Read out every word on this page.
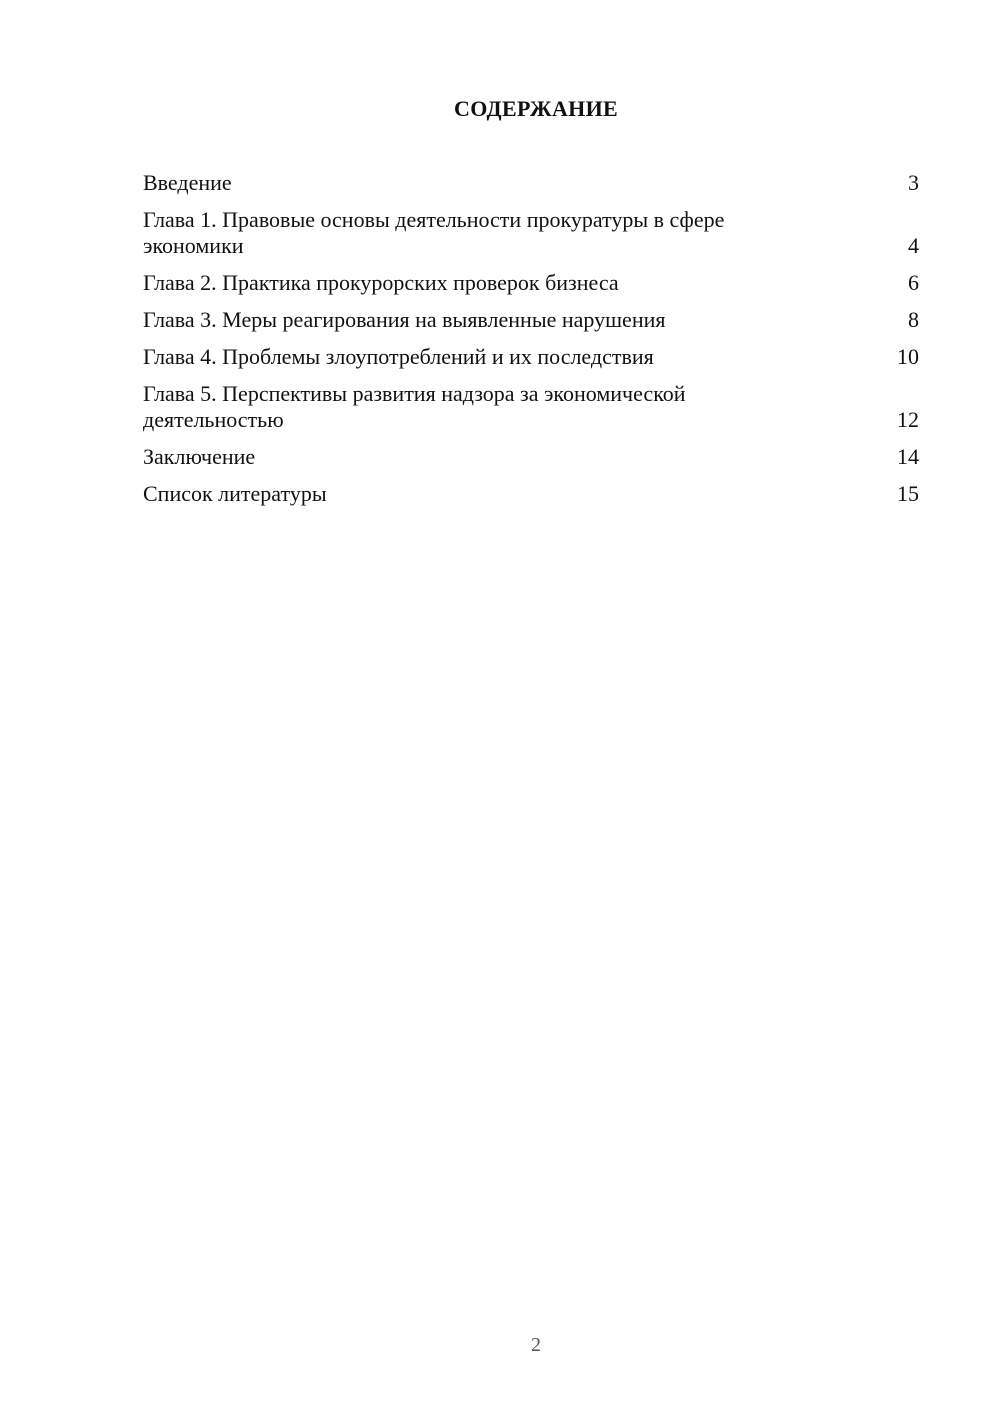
СОДЕРЖАНИЕ
Введение	3
Глава 1. Правовые основы деятельности прокуратуры в сфере
экономики	4
Глава 2. Практика прокурорских проверок бизнеса	6
Глава 3. Меры реагирования на выявленные нарушения	8
Глава 4. Проблемы злоупотреблений и их последствия	10
Глава 5. Перспективы развития надзора за экономической
деятельностью	12
Заключение	14
Список литературы	15
2
